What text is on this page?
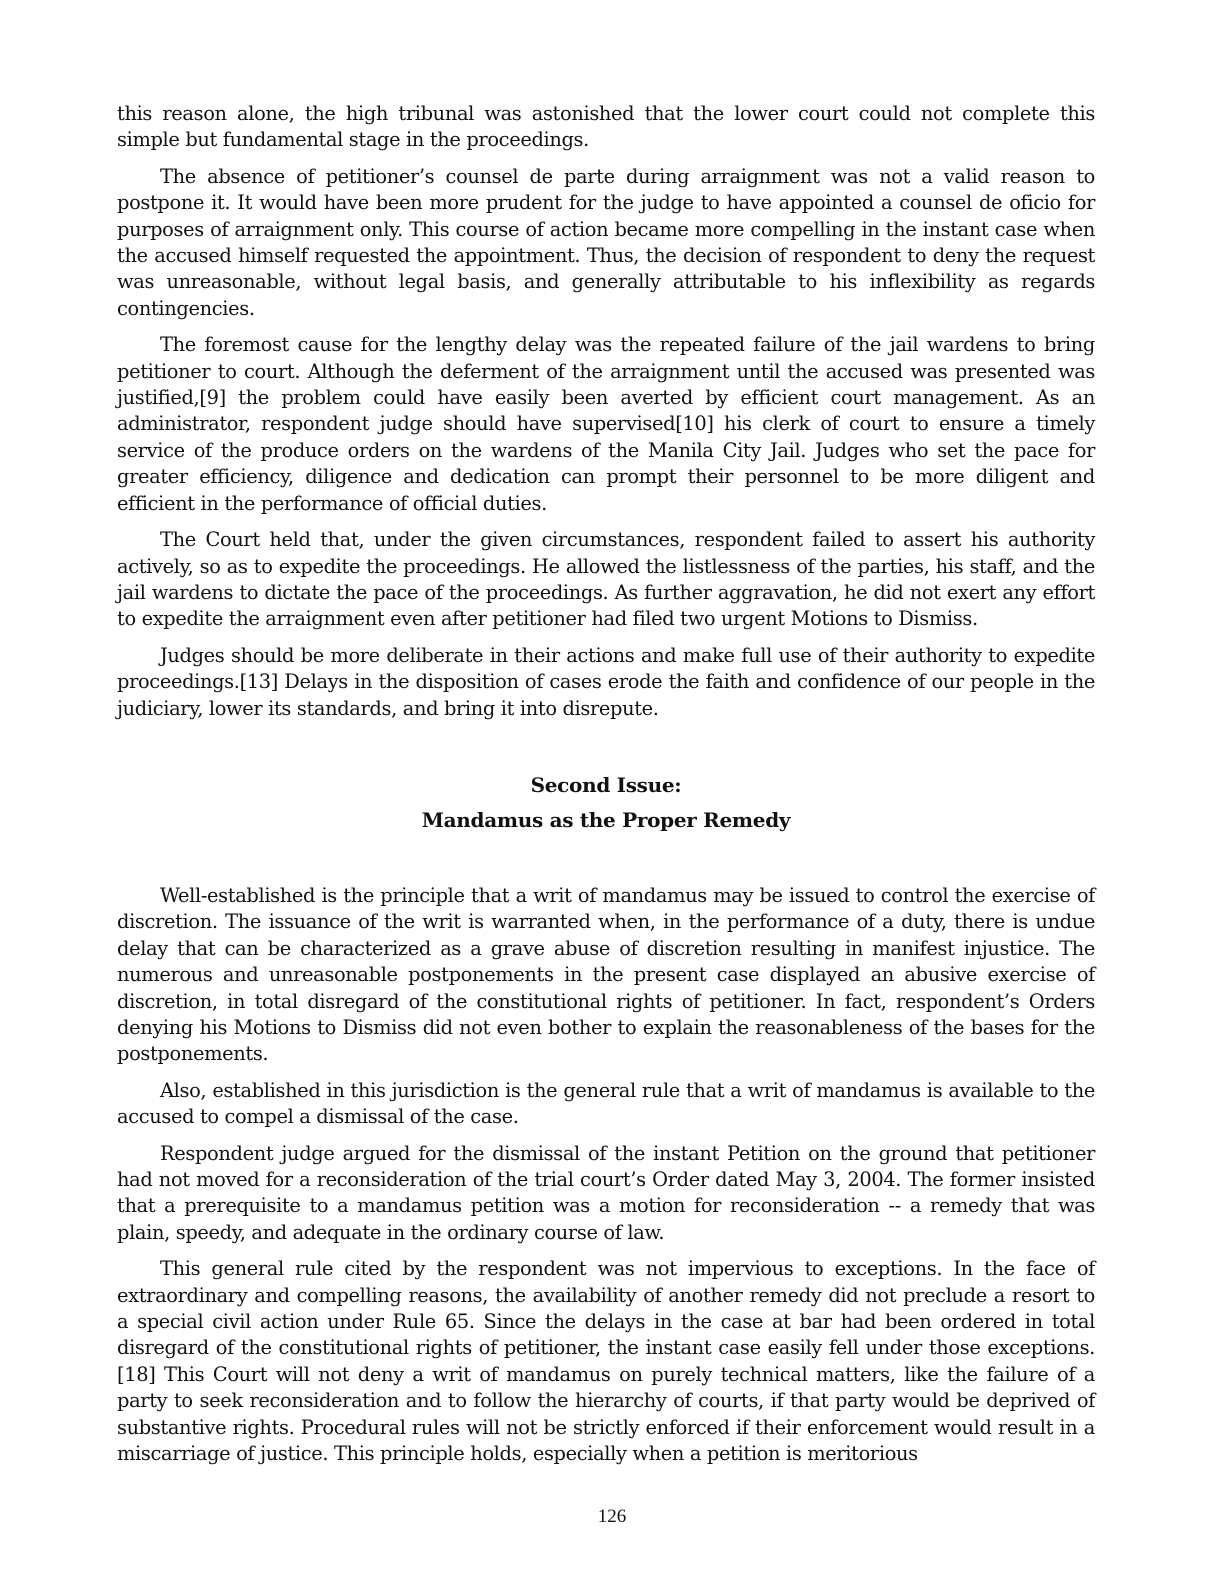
this reason alone, the high tribunal was astonished that the lower court could not complete this simple but fundamental stage in the proceedings.

The absence of petitioner’s counsel de parte during arraignment was not a valid reason to postpone it. It would have been more prudent for the judge to have appointed a counsel de oficio for purposes of arraignment only. This course of action became more compelling in the instant case when the accused himself requested the appointment. Thus, the decision of respondent to deny the request was unreasonable, without legal basis, and generally attributable to his inflexibility as regards contingencies.

The foremost cause for the lengthy delay was the repeated failure of the jail wardens to bring petitioner to court. Although the deferment of the arraignment until the accused was presented was justified,[9] the problem could have easily been averted by efficient court management. As an administrator, respondent judge should have supervised[10] his clerk of court to ensure a timely service of the produce orders on the wardens of the Manila City Jail. Judges who set the pace for greater efficiency, diligence and dedication can prompt their personnel to be more diligent and efficient in the performance of official duties.

The Court held that, under the given circumstances, respondent failed to assert his authority actively, so as to expedite the proceedings. He allowed the listlessness of the parties, his staff, and the jail wardens to dictate the pace of the proceedings. As further aggravation, he did not exert any effort to expedite the arraignment even after petitioner had filed two urgent Motions to Dismiss.

Judges should be more deliberate in their actions and make full use of their authority to expedite proceedings.[13] Delays in the disposition of cases erode the faith and confidence of our people in the judiciary, lower its standards, and bring it into disrepute.

Second Issue:
Mandamus as the Proper Remedy

Well-established is the principle that a writ of mandamus may be issued to control the exercise of discretion. The issuance of the writ is warranted when, in the performance of a duty, there is undue delay that can be characterized as a grave abuse of discretion resulting in manifest injustice. The numerous and unreasonable postponements in the present case displayed an abusive exercise of discretion, in total disregard of the constitutional rights of petitioner. In fact, respondent’s Orders denying his Motions to Dismiss did not even bother to explain the reasonableness of the bases for the postponements.

Also, established in this jurisdiction is the general rule that a writ of mandamus is available to the accused to compel a dismissal of the case.

Respondent judge argued for the dismissal of the instant Petition on the ground that petitioner had not moved for a reconsideration of the trial court’s Order dated May 3, 2004. The former insisted that a prerequisite to a mandamus petition was a motion for reconsideration -- a remedy that was plain, speedy, and adequate in the ordinary course of law.

This general rule cited by the respondent was not impervious to exceptions. In the face of extraordinary and compelling reasons, the availability of another remedy did not preclude a resort to a special civil action under Rule 65. Since the delays in the case at bar had been ordered in total disregard of the constitutional rights of petitioner, the instant case easily fell under those exceptions.[18] This Court will not deny a writ of mandamus on purely technical matters, like the failure of a party to seek reconsideration and to follow the hierarchy of courts, if that party would be deprived of substantive rights. Procedural rules will not be strictly enforced if their enforcement would result in a miscarriage of justice. This principle holds, especially when a petition is meritorious

126
